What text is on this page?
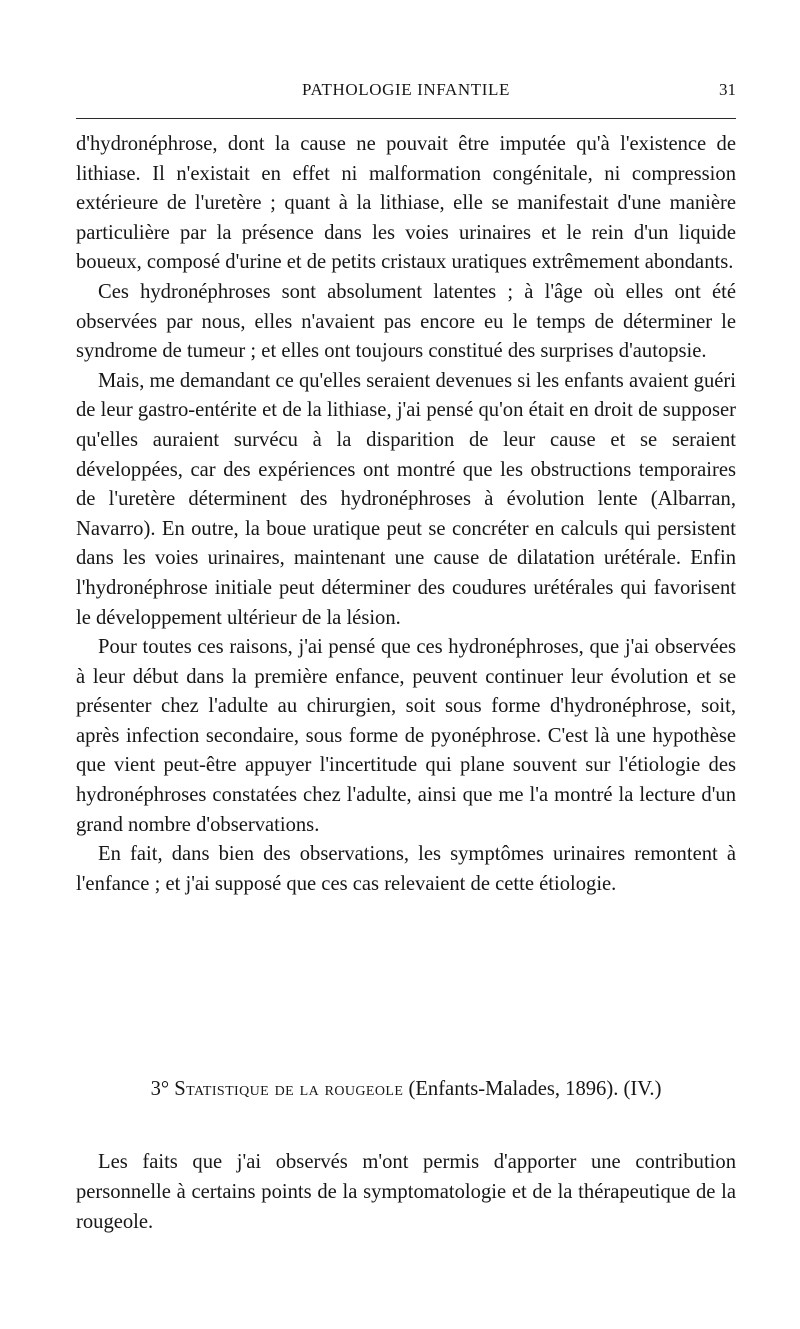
PATHOLOGIE INFANTILE	31

d'hydronéphrose, dont la cause ne pouvait être imputée qu'à l'existence de lithiase. Il n'existait en effet ni malformation congénitale, ni compression extérieure de l'uretère ; quant à la lithiase, elle se manifestait d'une manière particulière par la présence dans les voies urinaires et le rein d'un liquide boueux, composé d'urine et de petits cristaux uratiques extrêmement abondants.

Ces hydronéphroses sont absolument latentes ; à l'âge où elles ont été observées par nous, elles n'avaient pas encore eu le temps de déterminer le syndrome de tumeur ; et elles ont toujours constitué des surprises d'autopsie.

Mais, me demandant ce qu'elles seraient devenues si les enfants avaient guéri de leur gastro-entérite et de la lithiase, j'ai pensé qu'on était en droit de supposer qu'elles auraient survécu à la disparition de leur cause et se seraient développées, car des expériences ont montré que les obstructions temporaires de l'uretère déterminent des hydronéphroses à évolution lente (Albarran, Navarro). En outre, la boue uratique peut se concréter en calculs qui persistent dans les voies urinaires, maintenant une cause de dilatation urétérale. Enfin l'hydronéphrose initiale peut déterminer des coudures urétérales qui favorisent le développement ultérieur de la lésion.

Pour toutes ces raisons, j'ai pensé que ces hydronéphroses, que j'ai observées à leur début dans la première enfance, peuvent continuer leur évolution et se présenter chez l'adulte au chirurgien, soit sous forme d'hydronéphrose, soit, après infection secondaire, sous forme de pyonéphrose. C'est là une hypothèse que vient peut-être appuyer l'incertitude qui plane souvent sur l'étiologie des hydronéphroses constatées chez l'adulte, ainsi que me l'a montré la lecture d'un grand nombre d'observations.

En fait, dans bien des observations, les symptômes urinaires remontent à l'enfance ; et j'ai supposé que ces cas relevaient de cette étiologie.

3° Statistique de la rougeole (Enfants-Malades, 1896). (IV.)

Les faits que j'ai observés m'ont permis d'apporter une contribution personnelle à certains points de la symptomatologie et de la thérapeutique de la rougeole.
